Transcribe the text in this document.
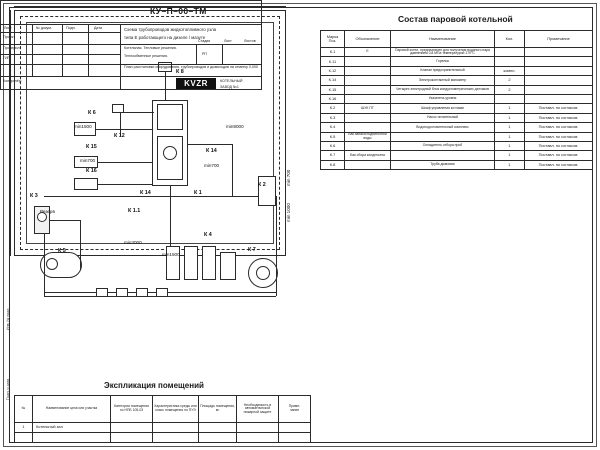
Инв. № подл.
Подп. и дата
Состав паровой котельной
К 8
К 6
К 12
К 15
К 16
К 14
К 14	К 1
К 2
К 3
К 1.1
К 5
К 4
К 7
min1500	min9000
min700
min700
Резерв
min3000
min1500
min 700
min 1000
Марка
Поз.	Обозначение	Наименование	Кол.	Примечание
К.1	Е	Паровой котел, предназначен для получения водяного пара давлением 0,8 МПа температурой 170°С		
К.11		Горелка		
К.12		Клапан предохранительный	компл.	
К.14		Электроконтактный манометр	2	
К.15		Четырех электродный блок кондуктометрических датчиков	2	
К.16		Указатель уровня		
К.2	ШУК ПТ	Шкаф управления котлами	1	Поставл. по согласов.
К.3		Насос питательный	1	Поставл. по согласов.
К.4		Водоподготовительный комплекс	1	Поставл. по согласов.
К.5	Бак запаса подпиточной воды		1	Поставл. по согласов.
К.6		Охладитель отбора проб	1	Поставл. по согласов.
К.7	Бак сбора конденсата		1	Поставл. по согласов.
К.8		Труба дымовая	1	Поставл. по согласов.
Экспликация помещений
№	Наименование цеха или участка	Категория помещения по НПБ 105-03	Характеристика среды или класс помещения по ПУЭ	Площадь помещения, м²	Необходимость в автоматической пожарной защите	Приме-
чание
1	Котельный зал					

КУ–П–00–ТМ
Лист	№ докум.	Подп.	Дата
Проект.
Проверил
ГИП
Схема трубопроводов жидкотопливного узла
типа Е работающего на дизеле / мазуте
Котельная. Тепловые решения.
Теплообменные решения.
План расстановки оборудования, трубопроводов и дымоходов на отметку 0,000
Стадия	Лист	Листов
РП
Контролёр:	KVZR	КОТЕЛЬНЫЙ
ЗАВОД №1
